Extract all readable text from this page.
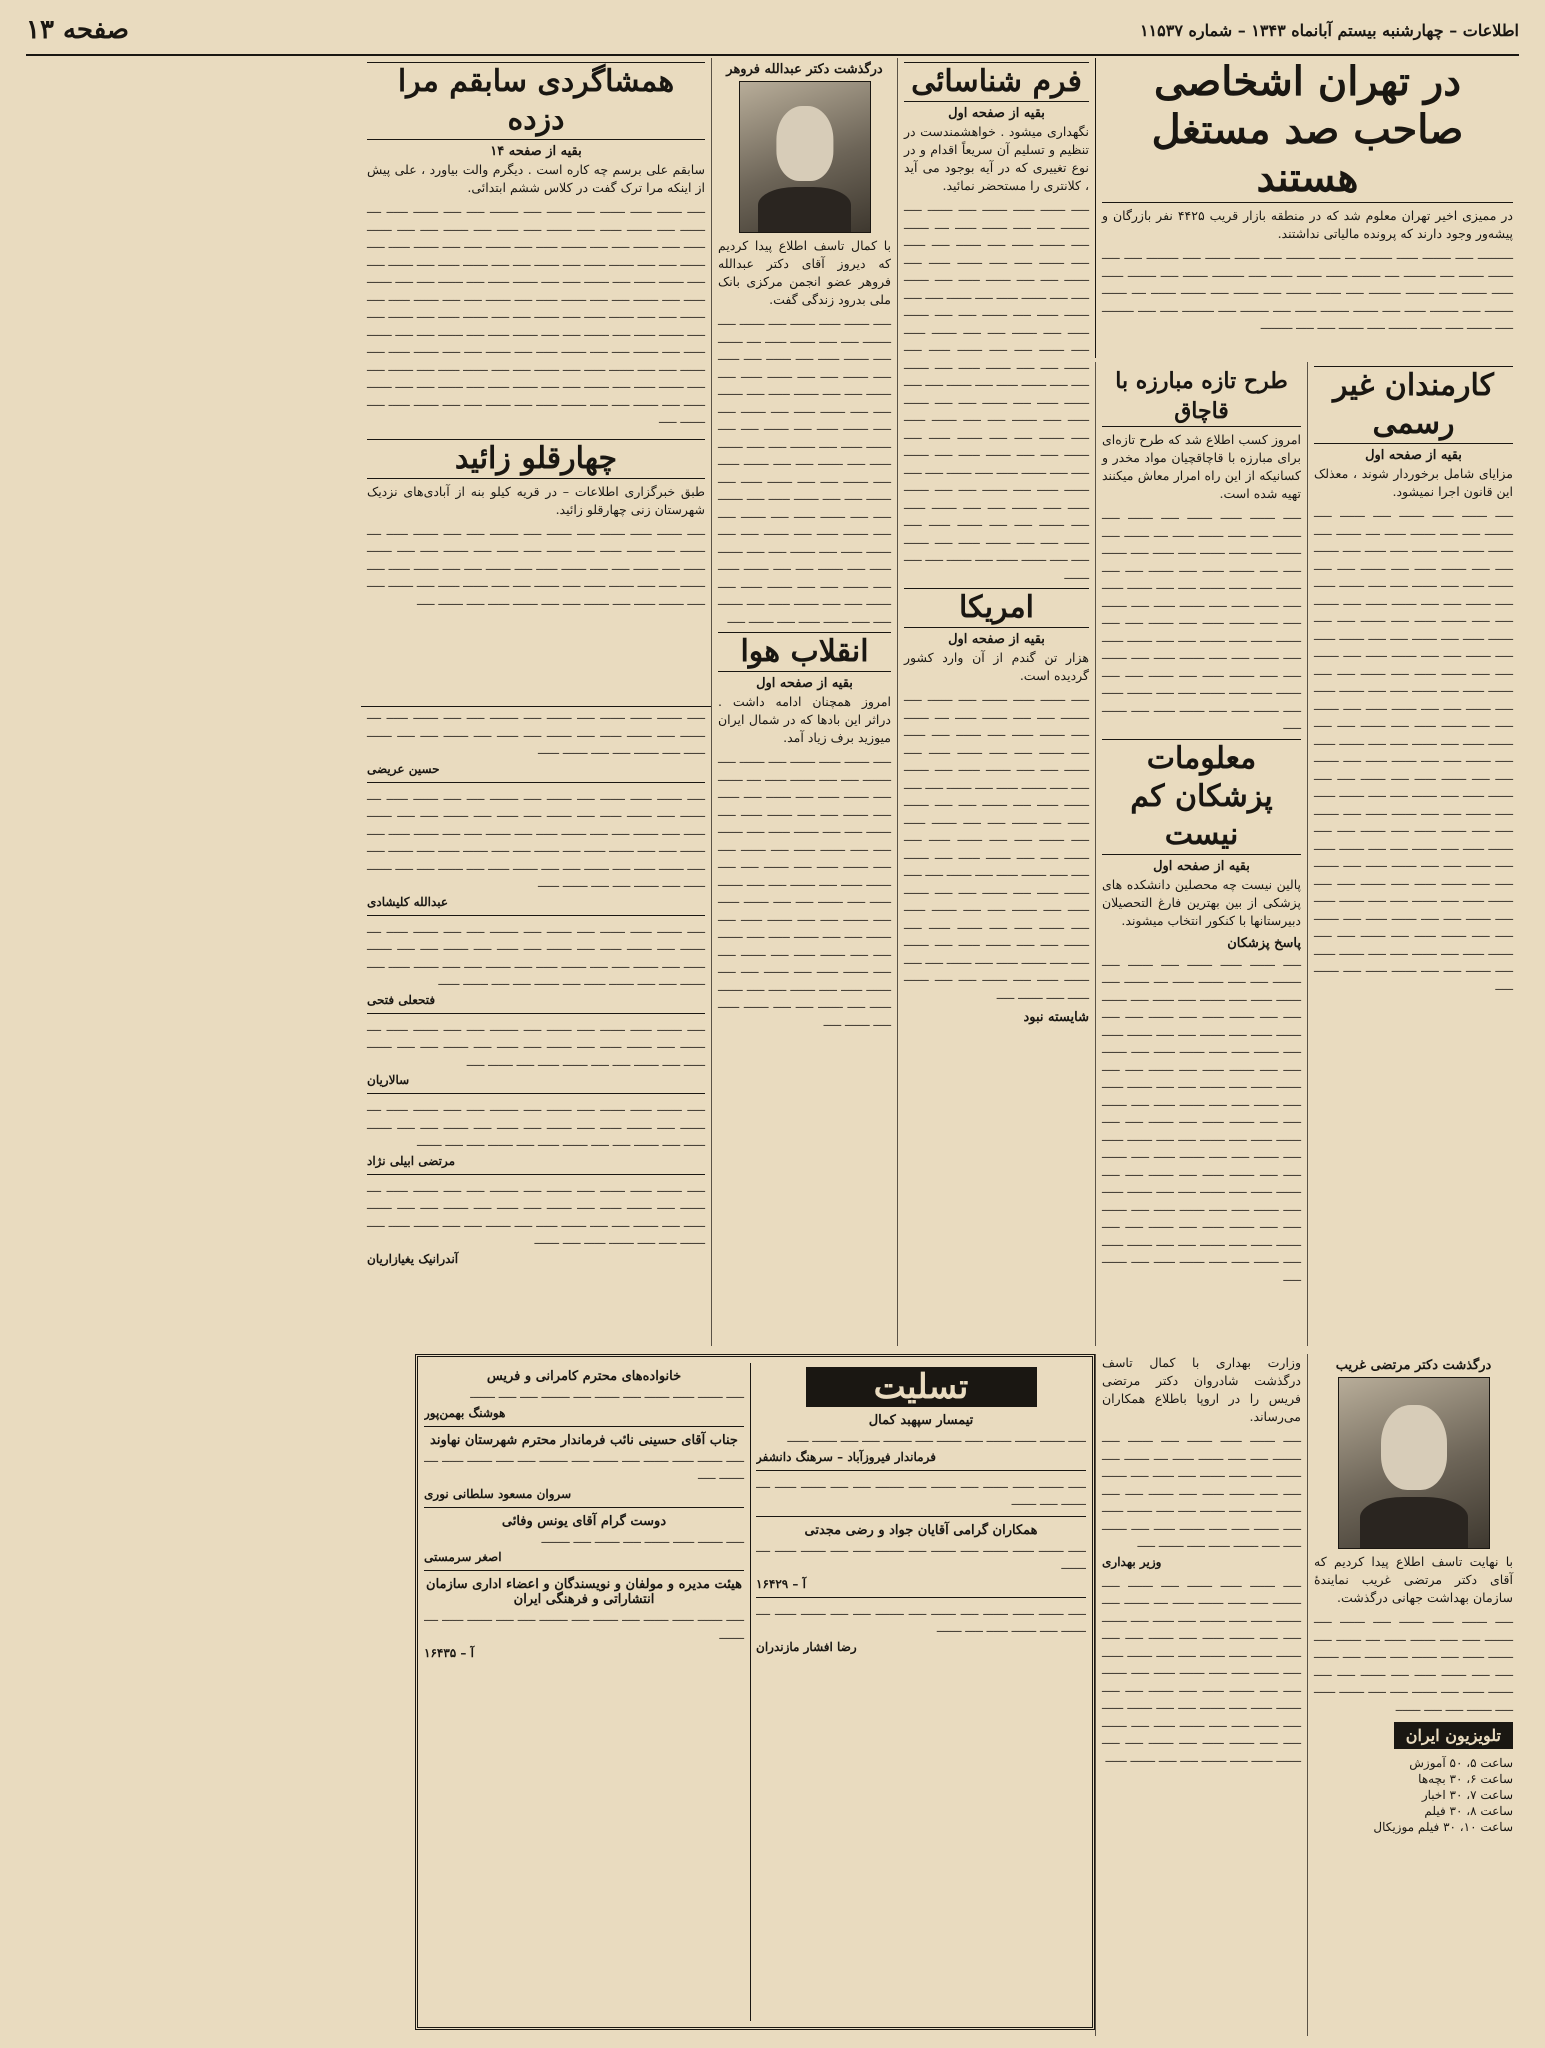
اطلاعات – چهارشنبه بیستم آبانماه ۱۳۴۳ – شماره ۱۱۵۳۷
صفحه ۱۳
در تهران اشخاصی صاحب صد مستغل هستند

در ممیزی اخیر تهران معلوم شد که در منطقه بازار قریب ۴۴۲۵ نفر بازرگان و پیشه‌ور وجود دارند که پرونده مالیاتی نداشتند.

ــــــــــ ـــــ ــــــــ ــــــ ـــــــــ ـــ ــــــ ــــــــ ـــــ ـــــــ ـــــــ ـــــ ـــــــــ ـــــ ـــــ ـــــــ ـــــــ ــــ ـــــــــ ــــ ــــــــ ــــــ ـــــــ ــــــ ـــــ ـــــــــ ـــــــ ـــــ ــــــــ ــــــ ــــــ ـــــــ ـــــ ــــــــ ـــــــــ ـــــ ـــــــ ـــــــ ـــــ ـــــــ ـــــ ـــــــ ـــــــ ــــ ـــــــ ــــــــ ـــــ ــــــــ ــــــ ـــــ ـــــــ ــــــــ ــــــ ـــــ ــــــــ ـــــ ـــــــــ ـــــ ـــــ ـــــــــ ـــــ ـــــــ ـــــ ــــــ ــــــــ ـــــ ـــــــ ـــــ ـــــ ـــــــــ
کارمندان غیر رسمی
بقیه از صفحه اول

مزایای شامل برخوردار شوند ، معذلک این قانون اجرا نمیشود.

ـــــ ـــــــ ــــــ ـــــــ ـــــ ـــــــ ـــــ ــــــــ ـــــ ـــــ ـــــــ ــــــ ــــ ـــــــ ـــــ ـــــــ ــــــ ـــــ ـــــــ ـــــ ــــــ ـــــ ـــــــ ـــــ ـــــ ـــــــ ــــــ ـــــ ـــــــ ـــــ ـــــ ـــــــ ــــــ ـــــ ـــــــ ـــــ ـــــ ـــــــ ــــــ ـــــ ـــــــ ـــــ ـــــ ـــــــ ــــــ ـــــ ـــــــ ـــــ ـــــ ـــــــ ــــــ ـــــ ـــــــ ـــــ ـــــ ـــــــ ــــــ ـــــ ـــــــ ـــــ ـــــ ـــــــ ــــــ ـــــ ـــــــ ـــــ ـــــ ـــــــ ــــــ ـــــ ـــــــ ـــــ ـــــ ـــــــ ــــــ ـــــ ـــــــ ـــــ ـــــ ـــــــ ــــــ ـــــ ـــــــ ـــــ ـــــ ـــــــ ــــــ ـــــ ـــــــ ـــــ ـــــ ـــــــ ــــــ ـــــ ـــــــ ـــــ ـــــ ـــــــ ــــــ ـــــ ـــــــ ـــــ ـــــ ـــــــ ــــــ ـــــ ـــــــ ـــــ ـــــ ـــــــ ــــــ ـــــ ـــــــ ـــــ ـــــ ـــــــ ــــــ ـــــ ـــــــ ـــــ ـــــ ـــــــ ــــــ ـــــ ـــــــ ـــــ ـــــ ـــــــ ــــــ ـــــ ـــــــ ـــــ ـــــ ـــــــ ــــــ ـــــ ـــــــ ـــــ ـــــ ـــــــ ــــــ ـــــ ـــــــ ـــــ ـــــ ـــــــ ــــــ ـــــ ـــــــ ـــــ ـــــ ـــــــ ــــــ ـــــ ـــــــ ـــــ ـــــ ـــــــ ــــــ ـــــ ـــــــ ـــــ ـــــ ـــــــ ــــــ ـــــ ـــــــ ـــــ ـــــ ـــــــ ــــــ ـــــ ـــــــ ـــــ ـــــ ـــــــ ــــــ ـــــ ـــــــ ـــــ ـــــ ـــــــ ــــــ ـــــ ـــــــ ـــــ ـــــ ـــــــ ــــــ ـــــ ـــــــ ـــــ ـــــ ـــــــ ــــــ ـــــ ـــــــ ـــــ ـــــ ـــــــ ــــــ ـــــ ـــــــ ـــــ ـــــ ـــــــ ــــــ ـــــ ـــــــ ـــــ ـــــ ـــــــ ــــــ ـــــ ـــــــ ـــــ
درگذشت دکتر مرتضی غریب

با نهایت تاسف اطلاع پیدا کردیم که آقای دکتر مرتضی غریب نمایندۀ سازمان بهداشت جهانی درگذشت.

ـــــ ـــــــ ــــــ ـــــــ ـــــ ـــــــ ـــــ ــــــــ ـــــ ـــــ ـــــــ ــــــ ــــ ـــــــ ـــــ ـــــــ ــــــ ـــــ ـــــــ ـــــ ــــــ ـــــ ـــــــ ـــــ ـــــ ـــــــ ــــــ ـــــ ـــــــ ـــــ ـــــ ـــــــ ــــــ ـــــ ـــــــ ـــــ ـــــ ـــــــ ــــــ ـــــ ـــــــ ـــــ ـــــ ـــــــ
تلویزیون ایران
ساعت ۵، ۵۰ آموزش
ساعت ۶، ۳۰ بچه‌ها
ساعت ۷، ۳۰ اخبار
ساعت ۸، ۳۰ فیلم
ساعت ۱۰، ۳۰ فیلم موزیکال
طرح تازه مبارزه با قاچاق

امروز کسب اطلاع شد که طرح تازه‌ای برای مبارزه با قاچاقچیان مواد مخدر و کسانیکه از این راه امرار معاش میکنند تهیه شده است.

ـــــ ـــــــ ــــــ ـــــــ ـــــ ـــــــ ـــــ ــــــــ ـــــ ـــــ ـــــــ ــــــ ــــ ـــــــ ـــــ ـــــــ ــــــ ـــــ ـــــــ ـــــ ــــــ ـــــ ـــــــ ـــــ ـــــ ـــــــ ــــــ ـــــ ـــــــ ـــــ ـــــ ـــــــ ــــــ ـــــ ـــــــ ـــــ ـــــ ـــــــ ــــــ ـــــ ـــــــ ـــــ ـــــ ـــــــ ــــــ ـــــ ـــــــ ـــــ ـــــ ـــــــ ــــــ ـــــ ـــــــ ـــــ ـــــ ـــــــ ــــــ ـــــ ـــــــ ـــــ ـــــ ـــــــ ــــــ ـــــ ـــــــ ـــــ ـــــ ـــــــ ــــــ ـــــ ـــــــ ـــــ ـــــ ـــــــ ــــــ ـــــ ـــــــ ـــــ ـــــ ـــــــ ــــــ ـــــ ـــــــ ـــــ ـــــ ـــــــ ــــــ ـــــ ـــــــ ـــــ ـــــ ـــــــ ــــــ ـــــ ـــــــ ـــــ
معلومات پزشکان کم نیست
بقیه از صفحه اول

پالین نیست چه محصلین دانشکده های پزشکی از بین بهترین فارغ التحصیلان دبیرستانها با کنکور انتخاب میشوند.

پاسخ پزشکان
ـــــ ـــــــ ــــــ ـــــــ ـــــ ـــــــ ـــــ ــــــــ ـــــ ـــــ ـــــــ ــــــ ــــ ـــــــ ـــــ ـــــــ ــــــ ـــــ ـــــــ ـــــ ــــــ ـــــ ـــــــ ـــــ ـــــ ـــــــ ــــــ ـــــ ـــــــ ـــــ ـــــ ـــــــ ــــــ ـــــ ـــــــ ـــــ ـــــ ـــــــ ــــــ ـــــ ـــــــ ـــــ ـــــ ـــــــ ــــــ ـــــ ـــــــ ـــــ ـــــ ـــــــ ــــــ ـــــ ـــــــ ـــــ ـــــ ـــــــ ــــــ ـــــ ـــــــ ـــــ ـــــ ـــــــ ــــــ ـــــ ـــــــ ـــــ ـــــ ـــــــ ــــــ ـــــ ـــــــ ـــــ ـــــ ـــــــ ــــــ ـــــ ـــــــ ـــــ ـــــ ـــــــ ــــــ ـــــ ـــــــ ـــــ ـــــ ـــــــ ــــــ ـــــ ـــــــ ـــــ ـــــ ـــــــ ــــــ ـــــ ـــــــ ـــــ ـــــ ـــــــ ــــــ ـــــ ـــــــ ـــــ ـــــ ـــــــ ــــــ ـــــ ـــــــ ـــــ ـــــ ـــــــ ــــــ ـــــ ـــــــ ـــــ ـــــ ـــــــ ــــــ ـــــ ـــــــ ـــــ ـــــ ـــــــ ــــــ ـــــ ـــــــ ـــــ ـــــ ـــــــ ــــــ ـــــ ـــــــ ـــــ ـــــ ـــــــ ــــــ ـــــ ـــــــ ـــــ ـــــ ـــــــ ــــــ ـــــ ـــــــ ـــــ
فرم شناسائی
بقیه از صفحه اول

نگهداری میشود . خواهشمندست در تنظیم و تسلیم آن سریعاً اقدام و در نوع تغییری که در آیه بوجود می آید ، کلانتری را مستحضر نمائید.

ـــــ ـــــــ ــــــ ـــــــ ـــــ ـــــــ ـــــ ــــــــ ـــــ ـــــ ـــــــ ــــــ ــــ ـــــــ ـــــ ـــــــ ــــــ ـــــ ـــــــ ـــــ ــــــ ـــــ ـــــــ ـــــ ـــــ ـــــــ ــــــ ـــــ ـــــــ ـــــ ـــــ ـــــــ ــــــ ـــــ ـــــــ ـــــ ـــــ ـــــــ ــــــ ـــــ ـــــــ ـــــ ـــــ ـــــــ ــــــ ـــــ ـــــــ ـــــ ـــــ ـــــــ ــــــ ـــــ ـــــــ ـــــ ـــــ ـــــــ ــــــ ـــــ ـــــــ ـــــ ـــــ ـــــــ ــــــ ـــــ ـــــــ ـــــ ـــــ ـــــــ ــــــ ـــــ ـــــــ ـــــ ـــــ ـــــــ ــــــ ـــــ ـــــــ ـــــ ـــــ ـــــــ ــــــ ـــــ ـــــــ ـــــ ـــــ ـــــــ ــــــ ـــــ ـــــــ ـــــ ـــــ ـــــــ ــــــ ـــــ ـــــــ ـــــ ـــــ ـــــــ ــــــ ـــــ ـــــــ ـــــ ـــــ ـــــــ ــــــ ـــــ ـــــــ ـــــ ـــــ ـــــــ ــــــ ـــــ ـــــــ ـــــ ـــــ ـــــــ ــــــ ـــــ ـــــــ ـــــ ـــــ ـــــــ ــــــ ـــــ ـــــــ ـــــ ـــــ ـــــــ ــــــ ـــــ ـــــــ ـــــ ـــــ ـــــــ ــــــ ـــــ ـــــــ ـــــ ـــــ ـــــــ ــــــ ـــــ ـــــــ ـــــ ـــــ ـــــــ ــــــ ـــــ ـــــــ ـــــ ـــــ ـــــــ
امریکا
بقیه از صفحه اول

هزار تن گندم از آن وارد کشور گردیده است.

ـــــ ـــــــ ــــــ ـــــــ ـــــ ـــــــ ـــــ ــــــــ ـــــ ـــــ ـــــــ ــــــ ــــ ـــــــ ـــــ ـــــــ ــــــ ـــــ ـــــــ ـــــ ــــــ ـــــ ـــــــ ـــــ ـــــ ـــــــ ــــــ ـــــ ـــــــ ـــــ ـــــ ـــــــ ــــــ ـــــ ـــــــ ـــــ ـــــ ـــــــ ــــــ ـــــ ـــــــ ـــــ ـــــ ـــــــ ــــــ ـــــ ـــــــ ـــــ ـــــ ـــــــ ــــــ ـــــ ـــــــ ـــــ ـــــ ـــــــ ــــــ ـــــ ـــــــ ـــــ ـــــ ـــــــ ــــــ ـــــ ـــــــ ـــــ ـــــ ـــــــ ــــــ ـــــ ـــــــ ـــــ ـــــ ـــــــ ــــــ ـــــ ـــــــ ـــــ ـــــ ـــــــ ــــــ ـــــ ـــــــ ـــــ ـــــ ـــــــ ــــــ ـــــ ـــــــ ـــــ ـــــ ـــــــ ــــــ ـــــ ـــــــ ـــــ ـــــ ـــــــ ــــــ ـــــ ـــــــ ـــــ ـــــ ـــــــ ــــــ ـــــ ـــــــ ـــــ ـــــ ـــــــ ــــــ ـــــ ـــــــ ـــــ ـــــ ـــــــ ــــــ ـــــ ـــــــ ـــــ ـــــ ـــــــ ــــــ ـــــ ـــــــ ـــــ
شایسته نبود
درگذشت دکتر عبدالله فروهر

با کمال تاسف اطلاع پیدا کردیم که دیروز آقای دکتر عبدالله فروهر عضو انجمن مرکزی بانک ملی بدرود زندگی گفت.

ـــــ ـــــــ ــــــ ـــــــ ـــــ ـــــــ ـــــ ــــــــ ـــــ ـــــ ـــــــ ــــــ ــــ ـــــــ ـــــ ـــــــ ــــــ ـــــ ـــــــ ـــــ ــــــ ـــــ ـــــــ ـــــ ـــــ ـــــــ ــــــ ـــــ ـــــــ ـــــ ـــــ ـــــــ ــــــ ـــــ ـــــــ ـــــ ـــــ ـــــــ ــــــ ـــــ ـــــــ ـــــ ـــــ ـــــــ ــــــ ـــــ ـــــــ ـــــ ـــــ ـــــــ ــــــ ـــــ ـــــــ ـــــ ـــــ ـــــــ ــــــ ـــــ ـــــــ ـــــ ـــــ ـــــــ ــــــ ـــــ ـــــــ ـــــ ـــــ ـــــــ ــــــ ـــــ ـــــــ ـــــ ـــــ ـــــــ ــــــ ـــــ ـــــــ ـــــ ـــــ ـــــــ ــــــ ـــــ ـــــــ ـــــ ـــــ ـــــــ ــــــ ـــــ ـــــــ ـــــ ـــــ ـــــــ ــــــ ـــــ ـــــــ ـــــ ـــــ ـــــــ ــــــ ـــــ ـــــــ ـــــ ـــــ ـــــــ ــــــ ـــــ ـــــــ ـــــ ـــــ ـــــــ ــــــ ـــــ ـــــــ ـــــ ـــــ ـــــــ ــــــ ـــــ ـــــــ ـــــ ـــــ ـــــــ ــــــ ـــــ ـــــــ ـــــ
انقلاب هوا
بقیه از صفحه اول

امروز همچنان ادامه داشت . دراثر این بادها که در شمال ایران میوزید برف زیاد آمد.

ـــــ ـــــــ ــــــ ـــــــ ـــــ ـــــــ ـــــ ــــــــ ـــــ ـــــ ـــــــ ــــــ ــــ ـــــــ ـــــ ـــــــ ــــــ ـــــ ـــــــ ـــــ ــــــ ـــــ ـــــــ ـــــ ـــــ ـــــــ ــــــ ـــــ ـــــــ ـــــ ـــــ ـــــــ ــــــ ـــــ ـــــــ ـــــ ـــــ ـــــــ ــــــ ـــــ ـــــــ ـــــ ـــــ ـــــــ ــــــ ـــــ ـــــــ ـــــ ـــــ ـــــــ ــــــ ـــــ ـــــــ ـــــ ـــــ ـــــــ ــــــ ـــــ ـــــــ ـــــ ـــــ ـــــــ ــــــ ـــــ ـــــــ ـــــ ـــــ ـــــــ ــــــ ـــــ ـــــــ ـــــ ـــــ ـــــــ ــــــ ـــــ ـــــــ ـــــ ـــــ ـــــــ ــــــ ـــــ ـــــــ ـــــ ـــــ ـــــــ ــــــ ـــــ ـــــــ ـــــ ـــــ ـــــــ ــــــ ـــــ ـــــــ ـــــ ـــــ ـــــــ ــــــ ـــــ ـــــــ ـــــ ـــــ ـــــــ ــــــ ـــــ ـــــــ ـــــ
همشاگردی سابقم مرا دزده
بقیه از صفحه ۱۴

سابقم على برسم چه کاره است . دیگرم والت بیاورد ، علی پیش از اینکه مرا ترک گفت در کلاس ششم ابتدائی.

ـــــ ـــــــ ــــــ ـــــــ ـــــ ـــــــ ـــــ ــــــــ ـــــ ـــــ ـــــــ ــــــ ــــ ـــــــ ـــــ ـــــــ ــــــ ـــــ ـــــــ ـــــ ــــــ ـــــ ـــــــ ـــــ ـــــ ـــــــ ــــــ ـــــ ـــــــ ـــــ ـــــ ـــــــ ــــــ ـــــ ـــــــ ـــــ ـــــ ـــــــ ــــــ ـــــ ـــــــ ـــــ ـــــ ـــــــ ــــــ ـــــ ـــــــ ـــــ ـــــ ـــــــ ــــــ ـــــ ـــــــ ـــــ ـــــ ـــــــ ــــــ ـــــ ـــــــ ـــــ ـــــ ـــــــ ــــــ ـــــ ـــــــ ـــــ ـــــ ـــــــ ــــــ ـــــ ـــــــ ـــــ ـــــ ـــــــ ــــــ ـــــ ـــــــ ـــــ ـــــ ـــــــ ــــــ ـــــ ـــــــ ـــــ ـــــ ـــــــ ــــــ ـــــ ـــــــ ـــــ ـــــ ـــــــ ــــــ ـــــ ـــــــ ـــــ ـــــ ـــــــ ــــــ ـــــ ـــــــ ـــــ ـــــ ـــــــ ــــــ ـــــ ـــــــ ـــــ ـــــ ـــــــ ــــــ ـــــ ـــــــ ـــــ ـــــ ـــــــ ــــــ ـــــ ـــــــ ـــــ ـــــ ـــــــ ــــــ ـــــ ـــــــ ـــــ ـــــ ـــــــ ــــــ ـــــ ـــــــ ـــــ ـــــ ـــــــ ــــــ ـــــ ـــــــ ـــــ ـــــ ـــــــ ــــــ ـــــ ـــــــ ـــــ ـــــ ـــــــ ــــــ ـــــ ـــــــ ـــــ ـــــ ـــــــ ــــــ ـــــ ـــــــ ـــــ ـــــ ـــــــ ــــــ ـــــ ـــــــ ـــــ ـــــ ـــــــ ــــــ ـــــ ـــــــ ـــــ
چهارقلو زائید

طبق خبرگزاری اطلاعات – در قریه کیلو بنه از آبادی‌های نزدیک شهرستان زنی چهارقلو زائید.

ـــــ ـــــــ ــــــ ـــــــ ـــــ ـــــــ ـــــ ــــــــ ـــــ ـــــ ـــــــ ــــــ ــــ ـــــــ ـــــ ـــــــ ــــــ ـــــ ـــــــ ـــــ ــــــ ـــــ ـــــــ ـــــ ـــــ ـــــــ ــــــ ـــــ ـــــــ ـــــ ـــــ ـــــــ ــــــ ـــــ ـــــــ ـــــ ـــــ ـــــــ ــــــ ـــــ ـــــــ ـــــ ـــــ ـــــــ ــــــ ـــــ ـــــــ ـــــ ـــــ ـــــــ ــــــ ـــــ ـــــــ ـــــ ـــــ ـــــــ ــــــ ـــــ ـــــــ ـــــ ـــــ ـــــــ ــــــ ـــــ ـــــــ ـــــ
ـــــ ـــــــ ــــــ ـــــــ ـــــ ـــــــ ـــــ ــــــــ ـــــ ـــــ ـــــــ ــــــ ــــ ـــــــ ـــــ ـــــــ ــــــ ـــــ ـــــــ ـــــ ــــــ ـــــ ـــــــ ـــــ ـــــ ـــــــ ــــــ ـــــ ـــــــ ـــــ ـــــ ـــــــ ــــــ
حسین عریضی
ـــــ ـــــــ ــــــ ـــــــ ـــــ ـــــــ ـــــ ــــــــ ـــــ ـــــ ـــــــ ــــــ ــــ ـــــــ ـــــ ـــــــ ــــــ ـــــ ـــــــ ـــــ ــــــ ـــــ ـــــــ ـــــ ـــــ ـــــــ ــــــ ـــــ ـــــــ ـــــ ـــــ ـــــــ ــــــ ـــــ ـــــــ ـــــ ـــــ ـــــــ ــــــ ـــــ ـــــــ ـــــ ـــــ ـــــــ ــــــ ـــــ ـــــــ ـــــ ـــــ ـــــــ ــــــ ـــــ ـــــــ ـــــ ـــــ ـــــــ ــــــ ـــــ ـــــــ ـــــ ـــــ ـــــــ ــــــ ـــــ ـــــــ ـــــ ـــــ ـــــــ ــــــ ـــــ ـــــــ ـــــ ـــــ ـــــــ ــــــ
عبدالله کلیشادی
ـــــ ـــــــ ــــــ ـــــــ ـــــ ـــــــ ـــــ ــــــــ ـــــ ـــــ ـــــــ ــــــ ــــ ـــــــ ـــــ ـــــــ ــــــ ـــــ ـــــــ ـــــ ــــــ ـــــ ـــــــ ـــــ ـــــ ـــــــ ــــــ ـــــ ـــــــ ـــــ ـــــ ـــــــ ــــــ ـــــ ـــــــ ـــــ ـــــ ـــــــ ــــــ ـــــ ـــــــ ـــــ ـــــ ـــــــ ــــــ ـــــ ـــــــ ـــــ ـــــ ـــــــ ــــــ
فتحعلی فتحی
ـــــ ـــــــ ــــــ ـــــــ ـــــ ـــــــ ـــــ ــــــــ ـــــ ـــــ ـــــــ ــــــ ــــ ـــــــ ـــــ ـــــــ ــــــ ـــــ ـــــــ ـــــ ــــــ ـــــ ـــــــ ـــــ ـــــ ـــــــ ــــــ ـــــ ـــــــ ـــــ ـــــ ـــــــ ــــــ ـــــ ـــــــ ـــــ
سالاریان
ـــــ ـــــــ ــــــ ـــــــ ـــــ ـــــــ ـــــ ــــــــ ـــــ ـــــ ـــــــ ــــــ ــــ ـــــــ ـــــ ـــــــ ــــــ ـــــ ـــــــ ـــــ ــــــ ـــــ ـــــــ ـــــ ـــــ ـــــــ ــــــ ـــــ ـــــــ ـــــ ـــــ ـــــــ ــــــ ـــــ ـــــــ ـــــ ـــــ ـــــــ
مرتضی ابیلی نژاد
ـــــ ـــــــ ــــــ ـــــــ ـــــ ـــــــ ـــــ ــــــــ ـــــ ـــــ ـــــــ ــــــ ــــ ـــــــ ـــــ ـــــــ ــــــ ـــــ ـــــــ ـــــ ــــــ ـــــ ـــــــ ـــــ ـــــ ـــــــ ــــــ ـــــ ـــــــ ـــــ ـــــ ـــــــ ــــــ ـــــ ـــــــ ـــــ ـــــ ـــــــ ــــــ ـــــ ـــــــ ـــــ ـــــ ـــــــ ــــــ ـــــ ـــــــ
آندرانیک یغیازاریان
تسلیت
تیمسار سپهبد کمال
ـــــ ـــــــ ــــــ ـــــــ ـــــ ـــــــ ـــــ ــــــــ ـــــ ـــــ ـــــــ ــــــ
فرماندار فیروزآباد – سرهنگ دانشفر
ـــــ ـــــــ ــــــ ـــــــ ـــــ ـــــــ ـــــ ــــــــ ـــــ ـــــ ـــــــ ــــــ ــــ ـــــــ ـــــ ـــــــ
همکاران گرامی آقایان جواد و رضی مجدتی
ـــــ ـــــــ ــــــ ـــــــ ـــــ ـــــــ ـــــ ــــــــ ـــــ ـــــ ـــــــ ــــــ ــــ ـــــــ
آ – ۱۶۴۲۹
ـــــ ـــــــ ــــــ ـــــــ ـــــ ـــــــ ـــــ ــــــــ ـــــ ـــــ ـــــــ ــــــ ــــ ـــــــ ـــــ ـــــــ ــــــ ـــــ ـــــــ
رضا افشار مازندران
خانواده‌های محترم کامرانی و فریس
ـــــ ـــــــ ــــــ ـــــــ ـــــ ـــــــ ـــــ ــــــــ ـــــ ـــــ ـــــــ
هوشنگ بهمن‌پور
جناب آقای حسینی نائب فرماندار محترم شهرستان نهاوند
ـــــ ـــــــ ــــــ ـــــــ ـــــ ـــــــ ـــــ ــــــــ ـــــ ـــــ ـــــــ ــــــ ــــ ـــــــ ـــــ
سروان مسعود سلطانی نوری
دوست گرام آقای یونس وفائی
ـــــ ـــــــ ــــــ ـــــــ ـــــ ـــــــ ـــــ ــــــــ
اصغر سرمستی
هیئت مدیره و مولفان و نویسندگان و اعضاء اداری سازمان انتشاراتی و فرهنگی ایران
ـــــ ـــــــ ــــــ ـــــــ ـــــ ـــــــ ـــــ ــــــــ ـــــ ـــــ ـــــــ ــــــ ــــ ـــــــ
آ – ۱۶۴۳۵

وزارت بهداری با کمال تاسف درگذشت شادروان دکتر مرتضی فریس را در اروپا باطلاع همکاران می‌رساند.

ـــــ ـــــــ ــــــ ـــــــ ـــــ ـــــــ ـــــ ــــــــ ـــــ ـــــ ـــــــ ــــــ ــــ ـــــــ ـــــ ـــــــ ــــــ ـــــ ـــــــ ـــــ ــــــ ـــــ ـــــــ ـــــ ـــــ ـــــــ ــــــ ـــــ ـــــــ ـــــ ـــــ ـــــــ ــــــ ـــــ ـــــــ ـــــ ـــــ ـــــــ ــــــ ـــــ ـــــــ ـــــ ـــــ ـــــــ ــــــ ـــــ ـــــــ ـــــ ـــــ ـــــــ ــــــ ـــــ ـــــــ ـــــ
وزیر بهداری
ـــــ ـــــــ ــــــ ـــــــ ـــــ ـــــــ ـــــ ــــــــ ـــــ ـــــ ـــــــ ــــــ ــــ ـــــــ ـــــ ـــــــ ــــــ ـــــ ـــــــ ـــــ ــــــ ـــــ ـــــــ ـــــ ـــــ ـــــــ ــــــ ـــــ ـــــــ ـــــ ـــــ ـــــــ ــــــ ـــــ ـــــــ ـــــ ـــــ ـــــــ ــــــ ـــــ ـــــــ ـــــ ـــــ ـــــــ ــــــ ـــــ ـــــــ ـــــ ـــــ ـــــــ ــــــ ـــــ ـــــــ ـــــ ـــــ ـــــــ ــــــ ـــــ ـــــــ ـــــ ـــــ ـــــــ ــــــ ـــــ ـــــــ ـــــ ـــــ ـــــــ ــــــ ـــــ ـــــــ ـــــ ـــــ ـــــــ ــــــ ـــــ ـــــــ ـــــ ـــــ ـــــــ ــــــ ـــــ ـــــــ ـــــ ـــــ ـــــــ ــــــ
